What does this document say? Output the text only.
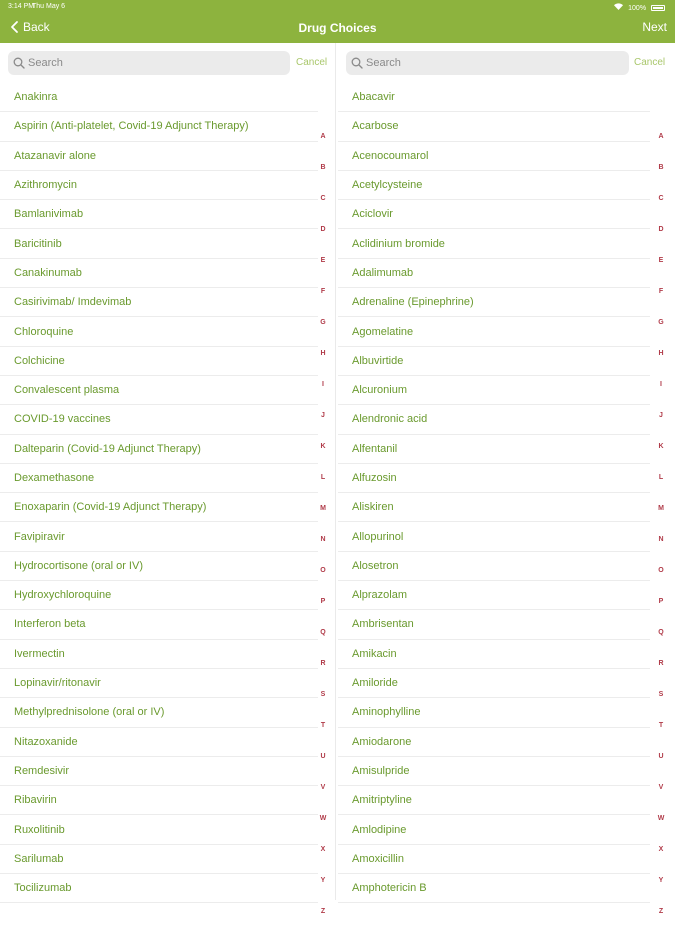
3:14 PM
Thu May 6	100%
Back	Drug Choices	Next
Search
Cancel
Anakinra
Aspirin (Anti-platelet, Covid-19 Adjunct Therapy)
Atazanavir alone
Azithromycin
Bamlanivimab
Baricitinib
Canakinumab
Casirivimab/ Imdevimab
Chloroquine
Colchicine
Convalescent plasma
COVID-19 vaccines
Dalteparin (Covid-19 Adjunct Therapy)
Dexamethasone
Enoxaparin (Covid-19 Adjunct Therapy)
Favipiravir
Hydrocortisone (oral or IV)
Hydroxychloroquine
Interferon beta
Ivermectin
Lopinavir/ritonavir
Methylprednisolone (oral or IV)
Nitazoxanide
Remdesivir
Ribavirin
Ruxolitinib
Sarilumab
Tocilizumab
A
B
C
D
E
F
G
H
I
J
K
L
M
N
O
P
Q
R
S
T
U
V
W
X
Y
Z
Search
Cancel
Abacavir
Acarbose
Acenocoumarol
Acetylcysteine
Aciclovir
Aclidinium bromide
Adalimumab
Adrenaline (Epinephrine)
Agomelatine
Albuvirtide
Alcuronium
Alendronic acid
Alfentanil
Alfuzosin
Aliskiren
Allopurinol
Alosetron
Alprazolam
Ambrisentan
Amikacin
Amiloride
Aminophylline
Amiodarone
Amisulpride
Amitriptyline
Amlodipine
Amoxicillin
Amphotericin B
A
B
C
D
E
F
G
H
I
J
K
L
M
N
O
P
Q
R
S
T
U
V
W
X
Y
Z
